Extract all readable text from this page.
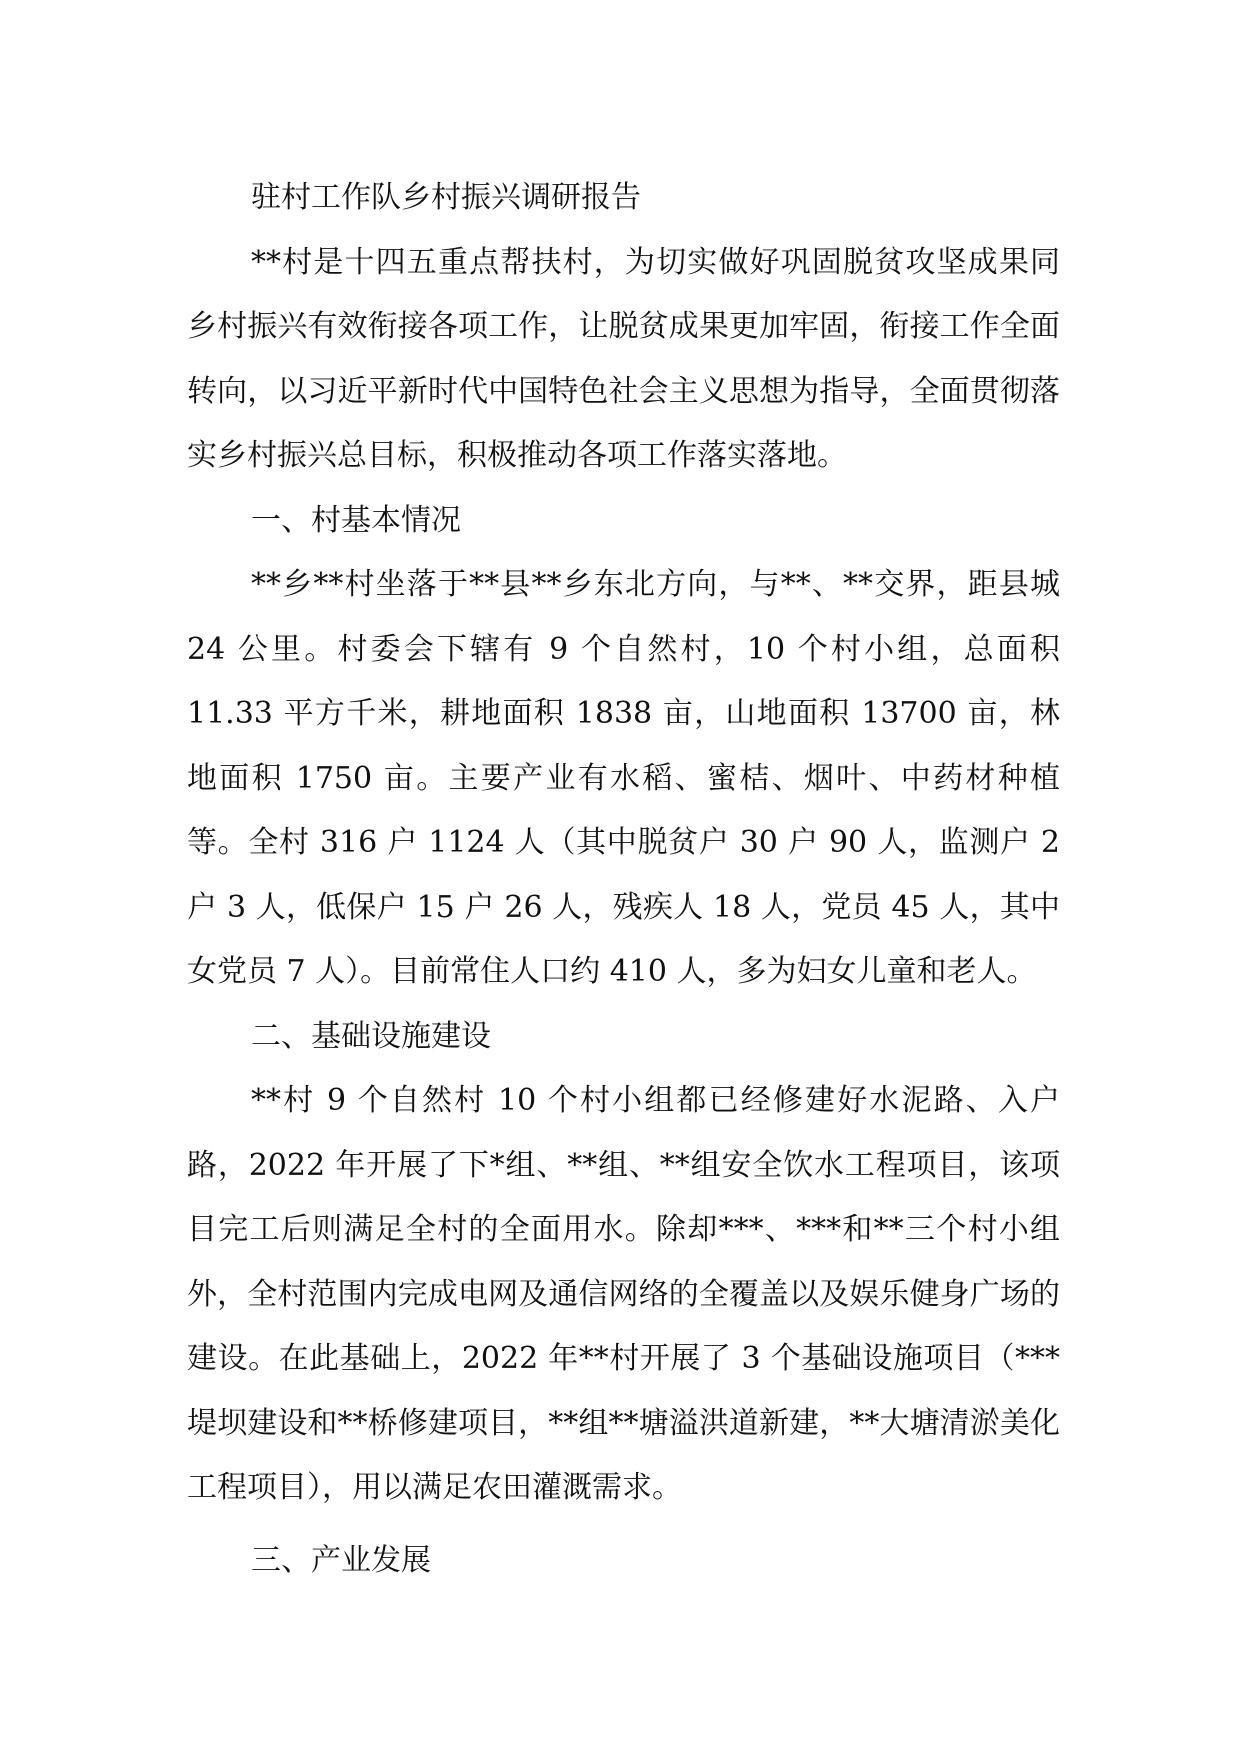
驻村工作队乡村振兴调研报告

**村是十四五重点帮扶村，为切实做好巩固脱贫攻坚成果同乡村振兴有效衔接各项工作，让脱贫成果更加牢固，衔接工作全面转向，以习近平新时代中国特色社会主义思想为指导，全面贯彻落实乡村振兴总目标，积极推动各项工作落实落地。

一、村基本情况

**乡**村坐落于**县**乡东北方向，与**、**交界，距县城 24 公里。村委会下辖有 9 个自然村，10 个村小组，总面积 11.33 平方千米，耕地面积 1838 亩，山地面积 13700 亩，林地面积 1750 亩。主要产业有水稻、蜜桔、烟叶、中药材种植等。全村 316 户 1124 人（其中脱贫户 30 户 90 人，监测户 2 户 3 人，低保户 15 户 26 人，残疾人 18 人，党员 45 人，其中女党员 7 人）。目前常住人口约 410 人，多为妇女儿童和老人。

二、基础设施建设

**村 9 个自然村 10 个村小组都已经修建好水泥路、入户路，2022 年开展了下*组、**组、**组安全饮水工程项目，该项目完工后则满足全村的全面用水。除却***、***和**三个村小组外，全村范围内完成电网及通信网络的全覆盖以及娱乐健身广场的建设。在此基础上，2022 年**村开展了 3 个基础设施项目（***堤坝建设和**桥修建项目，**组**塘溢洪道新建，**大塘清淤美化工程项目），用以满足农田灌溉需求。

三、产业发展
